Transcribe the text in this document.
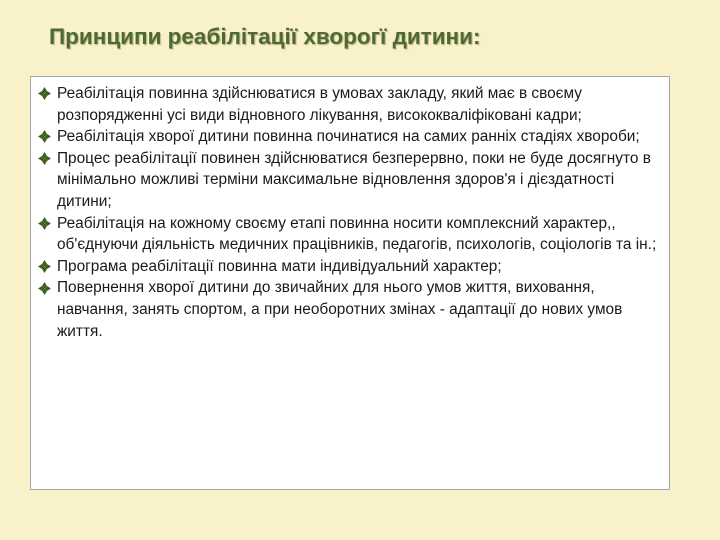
Принципи реабілітації хворогї дитини:
Реабілітація повинна здійснюватися в умовах закладу, який має в своєму розпорядженні усі види відновного лікування, висококваліфіковані кадри;
Реабілітація хворої дитини повинна починатися на самих ранніх стадіях хвороби;
Процес реабілітації повинен здійснюватися безперервно, поки не буде досягнуто в мінімально можливі терміни максимальне відновлення здоров'я і дієздатності дитини;
Реабілітація на кожному своєму етапі повинна носити комплексний характер,, об'єднуючи діяльність медичних працівників, педагогів, психологів, соціологів та ін.;
Програма реабілітації повинна мати індивідуальний характер;
Повернення хворої дитини до звичайних для нього умов життя, виховання, навчання, занять спортом, а при необоротних змінах - адаптації до нових умов життя.
